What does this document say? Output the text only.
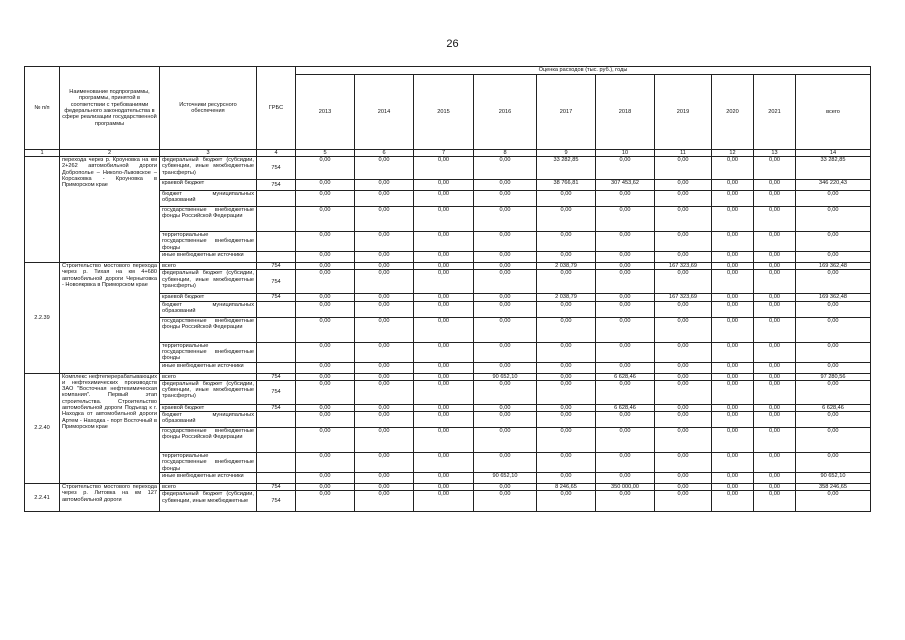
26
№ п/п	Наименование подпрограммы, программы, принятой в соответствии с требованиями федерального законодательства в сфере реализации государственной программы	Источники ресурсного обеспечения	ГРБС	Оценка расходов (тыс. руб.), годы									
				2013	2014	2015	2016	2017	2018	2019	2020	2021	всего
1	2	3	4	5	6	7	8	9	10	11	12	13	14
	перехода через р. Кроуновка на км 2+262 автомобильной дороги Доброполье – Николо-Львовское – Корсаковка - Кроуновка в Приморском крае	федеральный бюджет (субсидии, субвенции, иные межбюджетные трансферты)	754	0,00	0,00	0,00	0,00	33 282,85	0,00	0,00	0,00	0,00	33 282,85
		краевой бюджет	754	0,00	0,00	0,00	0,00	38 766,81	307 453,62	0,00	0,00	0,00	346 220,43
		бюджет муниципальных образований		0,00	0,00	0,00	0,00	0,00	0,00	0,00	0,00	0,00	0,00
		государственные внебюджетные фонды Российской Федерации		0,00	0,00	0,00	0,00	0,00	0,00	0,00	0,00	0,00	0,00
		территориальные государственные внебюджетные фонды		0,00	0,00	0,00	0,00	0,00	0,00	0,00	0,00	0,00	0,00
		иные внебюджетные источники		0,00	0,00	0,00	0,00	0,00	0,00	0,00	0,00	0,00	0,00
2.2.39	Строительство мостового перехода через р. Тихая на км 4+680 автомобильной дороги Черныговка - Новоякрвка в Приморском крае	всего	754	0,00	0,00	0,00	0,00	2 038,79	0,00	167 323,69	0,00	0,00	169 362,48
		федеральный бюджет (субсидии, субвенции, иные межбюджетные трансферты)	754	0,00	0,00	0,00	0,00	0,00	0,00	0,00	0,00	0,00	0,00
		краевой бюджет	754	0,00	0,00	0,00	0,00	2 038,79	0,00	167 323,69	0,00	0,00	169 362,48
		бюджет муниципальных образований		0,00	0,00	0,00	0,00	0,00	0,00	0,00	0,00	0,00	0,00
		государственные внебюджетные фонды Российской Федерации		0,00	0,00	0,00	0,00	0,00	0,00	0,00	0,00	0,00	0,00
		территориальные государственные внебюджетные фонды		0,00	0,00	0,00	0,00	0,00	0,00	0,00	0,00	0,00	0,00
		иные внебюджетные источники		0,00	0,00	0,00	0,00	0,00	0,00	0,00	0,00	0,00	0,00
2.2.40	Комплекс нефтеперерабатывающих и нефтехимических производств ЗАО "Восточная нефтехимическая компания". Первый этап строительства. Строительство автомобильной дороги Подъезд к г. Находка от автомобильной дороги Артем - Находка - порт Восточный в Приморском крае	всего	754	0,00	0,00	0,00	90 652,10	0,00	6 628,46	0,00	0,00	0,00	97 280,56
		федеральный бюджет (субсидии, субвенции, иные межбюджетные трансферты)	754	0,00	0,00	0,00	0,00	0,00	0,00	0,00	0,00	0,00	0,00
		краевой бюджет	754	0,00	0,00	0,00	0,00	0,00	6 628,46	0,00	0,00	0,00	6 628,46
		бюджет муниципальных образований		0,00	0,00	0,00	0,00	0,00	0,00	0,00	0,00	0,00	0,00
		государственные внебюджетные фонды Российской Федерации		0,00	0,00	0,00	0,00	0,00	0,00	0,00	0,00	0,00	0,00
		территориальные государственные внебюджетные фонды		0,00	0,00	0,00	0,00	0,00	0,00	0,00	0,00	0,00	0,00
		иные внебюджетные источники		0,00	0,00	0,00	90 652,10	0,00	0,00	0,00	0,00	0,00	90 652,10
2.2.41	Строительство мостового перехода через р. Литовка на км 127 автомобильной дороги	всего	754	0,00	0,00	0,00	0,00	8 246,65	350 000,00	0,00	0,00	0,00	358 246,65
		федеральный бюджет (субсидии, субвенции, иные межбюджетные	754	0,00	0,00	0,00	0,00	0,00	0,00	0,00	0,00	0,00	0,00
